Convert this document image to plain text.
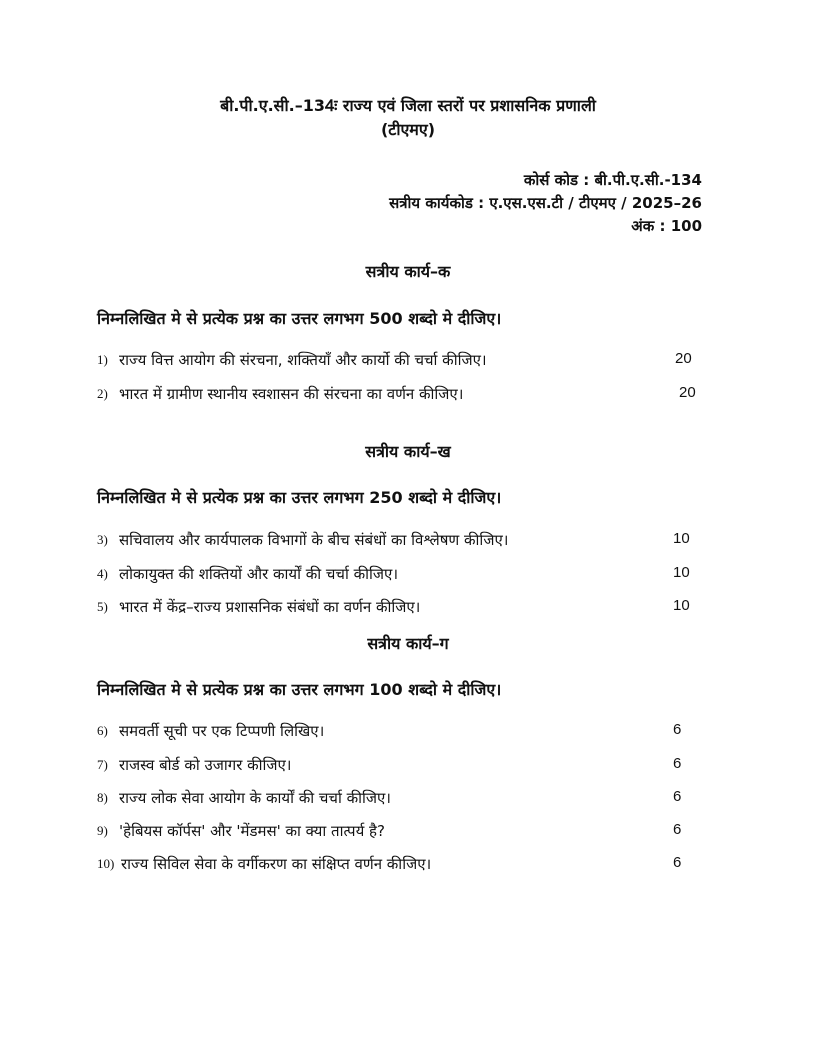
बी.पी.ए.सी.–134ः राज्य एवं जिला स्तरों पर प्रशासनिक प्रणाली
(टीएमए)
कोर्स कोड : बी.पी.ए.सी.-134
सत्रीय कार्यकोड : ए.एस.एस.टी / टीएमए / 2025–26
अंक : 100
सत्रीय कार्य–क
निम्नलिखित मे से प्रत्येक प्रश्न का उत्तर लगभग 500 शब्दो मे दीजिए।
1) राज्य वित्त आयोग की संरचना, शक्तियाँ और कार्यो की चर्चा कीजिए।	20
2) भारत में ग्रामीण स्थानीय स्वशासन की संरचना का वर्णन कीजिए।	20
सत्रीय कार्य–ख
निम्नलिखित मे से प्रत्येक प्रश्न का उत्तर लगभग 250 शब्दो मे दीजिए।
3) सचिवालय और कार्यपालक विभागों के बीच संबंधों का विश्लेषण कीजिए।	10
4) लोकायुक्त की शक्तियों और कार्यों की चर्चा कीजिए।	10
5) भारत में केंद्र–राज्य प्रशासनिक संबंधों का वर्णन कीजिए।	10
सत्रीय कार्य–ग
निम्नलिखित मे से प्रत्येक प्रश्न का उत्तर लगभग 100 शब्दो मे दीजिए।
6) समवर्ती सूची पर एक टिप्पणी लिखिए।	6
7) राजस्व बोर्ड को उजागर कीजिए।	6
8) राज्य लोक सेवा आयोग के कार्यों की चर्चा कीजिए।	6
9) 'हेबियस कॉर्पस' और 'मेंडमस' का क्या तात्पर्य है?	6
10) राज्य सिविल सेवा के वर्गीकरण का संक्षिप्त वर्णन कीजिए।	6
